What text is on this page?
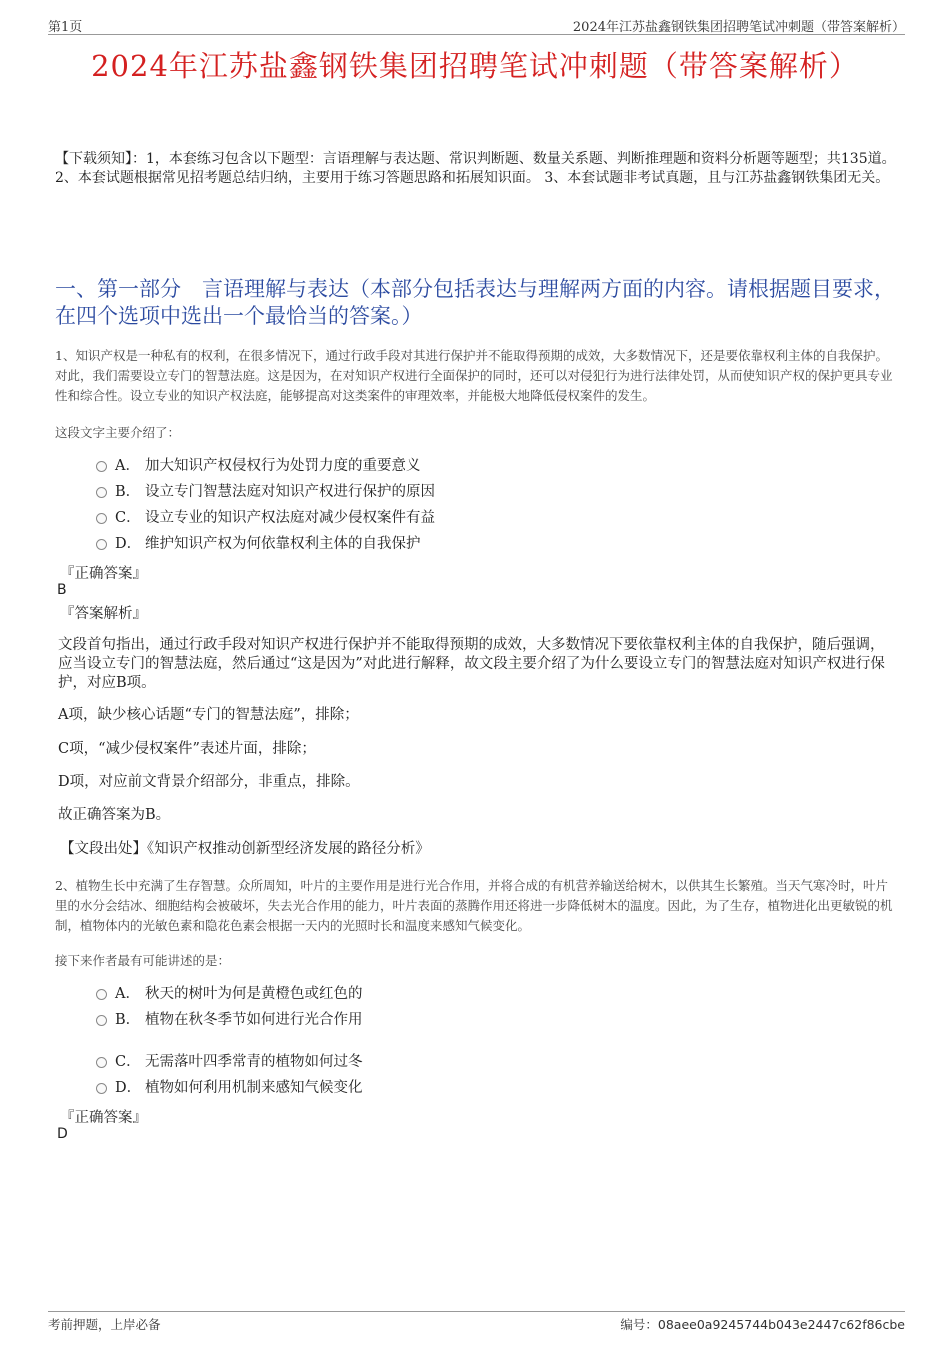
第1页	2024年江苏盐鑫钢铁集团招聘笔试冲刺题（带答案解析）
2024年江苏盐鑫钢铁集团招聘笔试冲刺题（带答案解析）
【下载须知】：1，本套练习包含以下题型：言语理解与表达题、常识判断题、数量关系题、判断推理题和资料分析题等题型；共135道。 2、本套试题根据常见招考题总结归纳，主要用于练习答题思路和拓展知识面。 3、本套试题非考试真题，且与江苏盐鑫钢铁集团无关。
一、第一部分　言语理解与表达（本部分包括表达与理解两方面的内容。请根据题目要求，在四个选项中选出一个最恰当的答案。）
1、知识产权是一种私有的权利，在很多情况下，通过行政手段对其进行保护并不能取得预期的成效，大多数情况下，还是要依靠权利主体的自我保护。对此，我们需要设立专门的智慧法庭。这是因为，在对知识产权进行全面保护的同时，还可以对侵犯行为进行法律处罚，从而使知识产权的保护更具专业性和综合性。设立专业的知识产权法庭，能够提高对这类案件的审理效率，并能极大地降低侵权案件的发生。
这段文字主要介绍了：
A． 加大知识产权侵权行为处罚力度的重要意义
B． 设立专门智慧法庭对知识产权进行保护的原因
C． 设立专业的知识产权法庭对减少侵权案件有益
D． 维护知识产权为何依靠权利主体的自我保护
『正确答案』
B
『答案解析』
文段首句指出，通过行政手段对知识产权进行保护并不能取得预期的成效，大多数情况下要依靠权利主体的自我保护，随后强调，应当设立专门的智慧法庭，然后通过“这是因为”对此进行解释，故文段主要介绍了为什么要设立专门的智慧法庭对知识产权进行保护，对应B项。
A项，缺少核心话题“专门的智慧法庭”，排除；
C项，“减少侵权案件”表述片面，排除；
D项，对应前文背景介绍部分，非重点，排除。
故正确答案为B。
【文段出处】《知识产权推动创新型经济发展的路径分析》
2、植物生长中充满了生存智慧。众所周知，叶片的主要作用是进行光合作用，并将合成的有机营养输送给树木，以供其生长繁殖。当天气寒冷时，叶片里的水分会结冰、细胞结构会被破坏，失去光合作用的能力，叶片表面的蒸腾作用还将进一步降低树木的温度。因此，为了生存，植物进化出更敏锐的机制，植物体内的光敏色素和隐花色素会根据一天内的光照时长和温度来感知气候变化。
接下来作者最有可能讲述的是：
A． 秋天的树叶为何是黄橙色或红色的
B． 植物在秋冬季节如何进行光合作用
C． 无需落叶四季常青的植物如何过冬
D． 植物如何利用机制来感知气候变化
『正确答案』
D
考前押题，上岸必备	编号：08aee0a9245744b043e2447c62f86cbe
